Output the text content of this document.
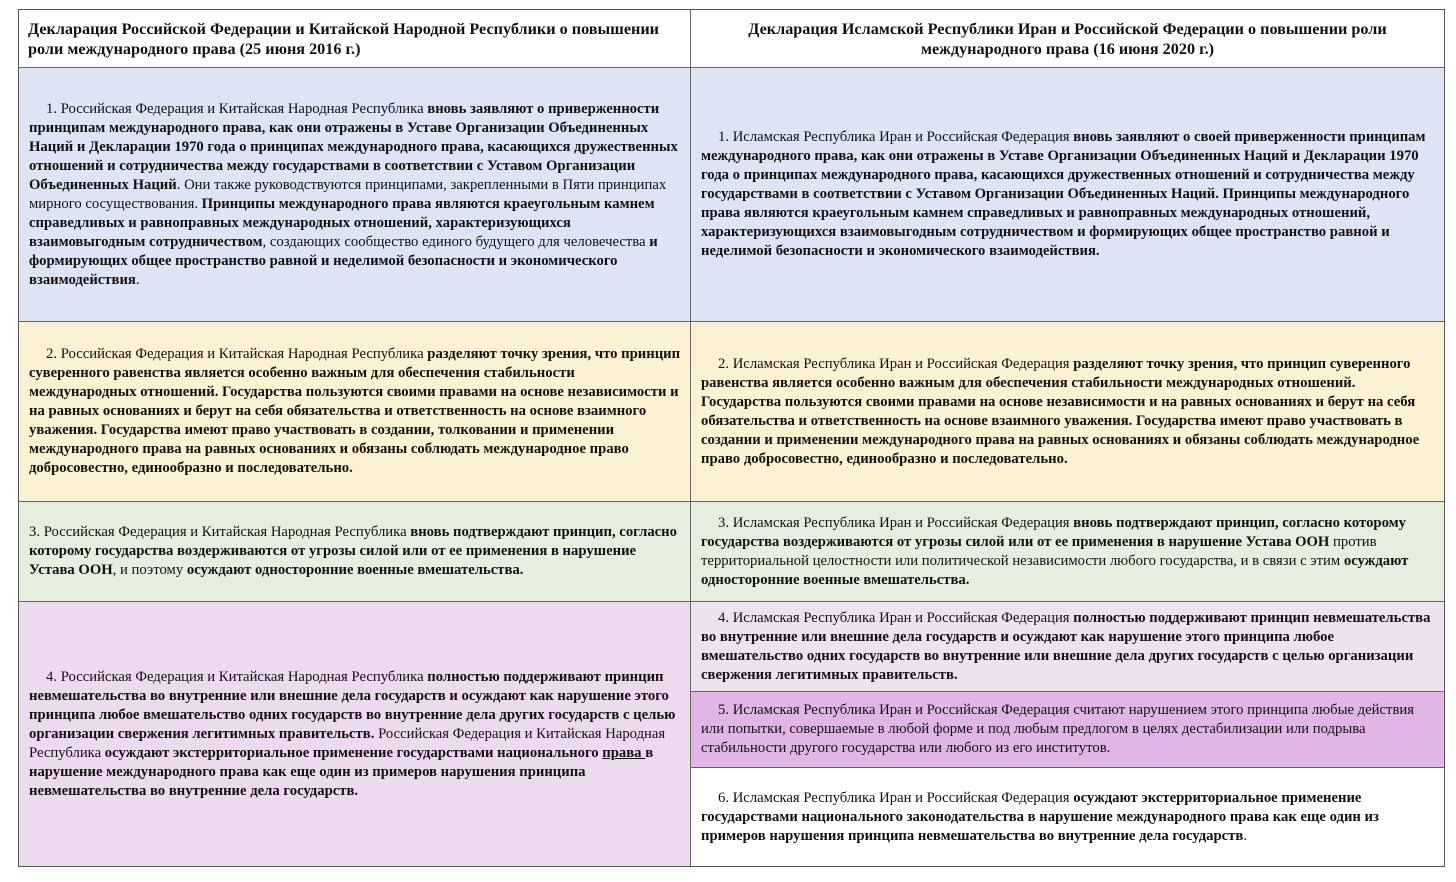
Декларация Российской Федерации и Китайской Народной Республики о повышении роли международного права (25 июня 2016 г.)
Декларация Исламской Республики Иран и Российской Федерации о повышении роли международного права (16 июня 2020 г.)
1. Российская Федерация и Китайская Народная Республика вновь заявляют о приверженности принципам международного права, как они отражены в Уставе Организации Объединенных Наций и Декларации 1970 года о принципах международного права, касающихся дружественных отношений и сотрудничества между государствами в соответствии с Уставом Организации Объединенных Наций. Они также руководствуются принципами, закрепленными в Пяти принципах мирного сосуществования. Принципы международного права являются краеугольным камнем справедливых и равноправных международных отношений, характеризующихся взаимовыгодным сотрудничеством, создающих сообщество единого будущего для человечества и формирующих общее пространство равной и неделимой безопасности и экономического взаимодействия.
1. Исламская Республика Иран и Российская Федерация вновь заявляют о своей приверженности принципам международного права, как они отражены в Уставе Организации Объединенных Наций и Декларации 1970 года о принципах международного права, касающихся дружественных отношений и сотрудничества между государствами в соответствии с Уставом Организации Объединенных Наций. Принципы международного права являются краеугольным камнем справедливых и равноправных международных отношений, характеризующихся взаимовыгодным сотрудничеством и формирующих общее пространство равной и неделимой безопасности и экономического взаимодействия.
2. Российская Федерация и Китайская Народная Республика разделяют точку зрения, что принцип суверенного равенства является особенно важным для обеспечения стабильности международных отношений. Государства пользуются своими правами на основе независимости и на равных основаниях и берут на себя обязательства и ответственность на основе взаимного уважения. Государства имеют право участвовать в создании, толковании и применении международного права на равных основаниях и обязаны соблюдать международное право добросовестно, единообразно и последовательно.
2. Исламская Республика Иран и Российская Федерация разделяют точку зрения, что принцип суверенного равенства является особенно важным для обеспечения стабильности международных отношений. Государства пользуются своими правами на основе независимости и на равных основаниях и берут на себя обязательства и ответственность на основе взаимного уважения. Государства имеют право участвовать в создании и применении международного права на равных основаниях и обязаны соблюдать международное право добросовестно, единообразно и последовательно.
3. Российская Федерация и Китайская Народная Республика вновь подтверждают принцип, согласно которому государства воздерживаются от угрозы силой или от ее применения в нарушение Устава ООН, и поэтому осуждают односторонние военные вмешательства.
3. Исламская Республика Иран и Российская Федерация вновь подтверждают принцип, согласно которому государства воздерживаются от угрозы силой или от ее применения в нарушение Устава ООН против территориальной целостности или политической независимости любого государства, и в связи с этим осуждают односторонние военные вмешательства.
4. Российская Федерация и Китайская Народная Республика полностью поддерживают принцип невмешательства во внутренние или внешние дела государств и осуждают как нарушение этого принципа любое вмешательство одних государств во внутренние дела других государств с целью организации свержения легитимных правительств. Российская Федерация и Китайская Народная Республика осуждают экстерриториальное применение государствами национального права в нарушение международного права как еще один из примеров нарушения принципа невмешательства во внутренние дела государств.
4. Исламская Республика Иран и Российская Федерация полностью поддерживают принцип невмешательства во внутренние или внешние дела государств и осуждают как нарушение этого принципа любое вмешательство одних государств во внутренние или внешние дела других государств с целью организации свержения легитимных правительств.
5. Исламская Республика Иран и Российская Федерация считают нарушением этого принципа любые действия или попытки, совершаемые в любой форме и под любым предлогом в целях дестабилизации или подрыва стабильности другого государства или любого из его институтов.
6. Исламская Республика Иран и Российская Федерация осуждают экстерриториальное применение государствами национального законодательства в нарушение международного права как еще один из примеров нарушения принципа невмешательства во внутренние дела государств.
